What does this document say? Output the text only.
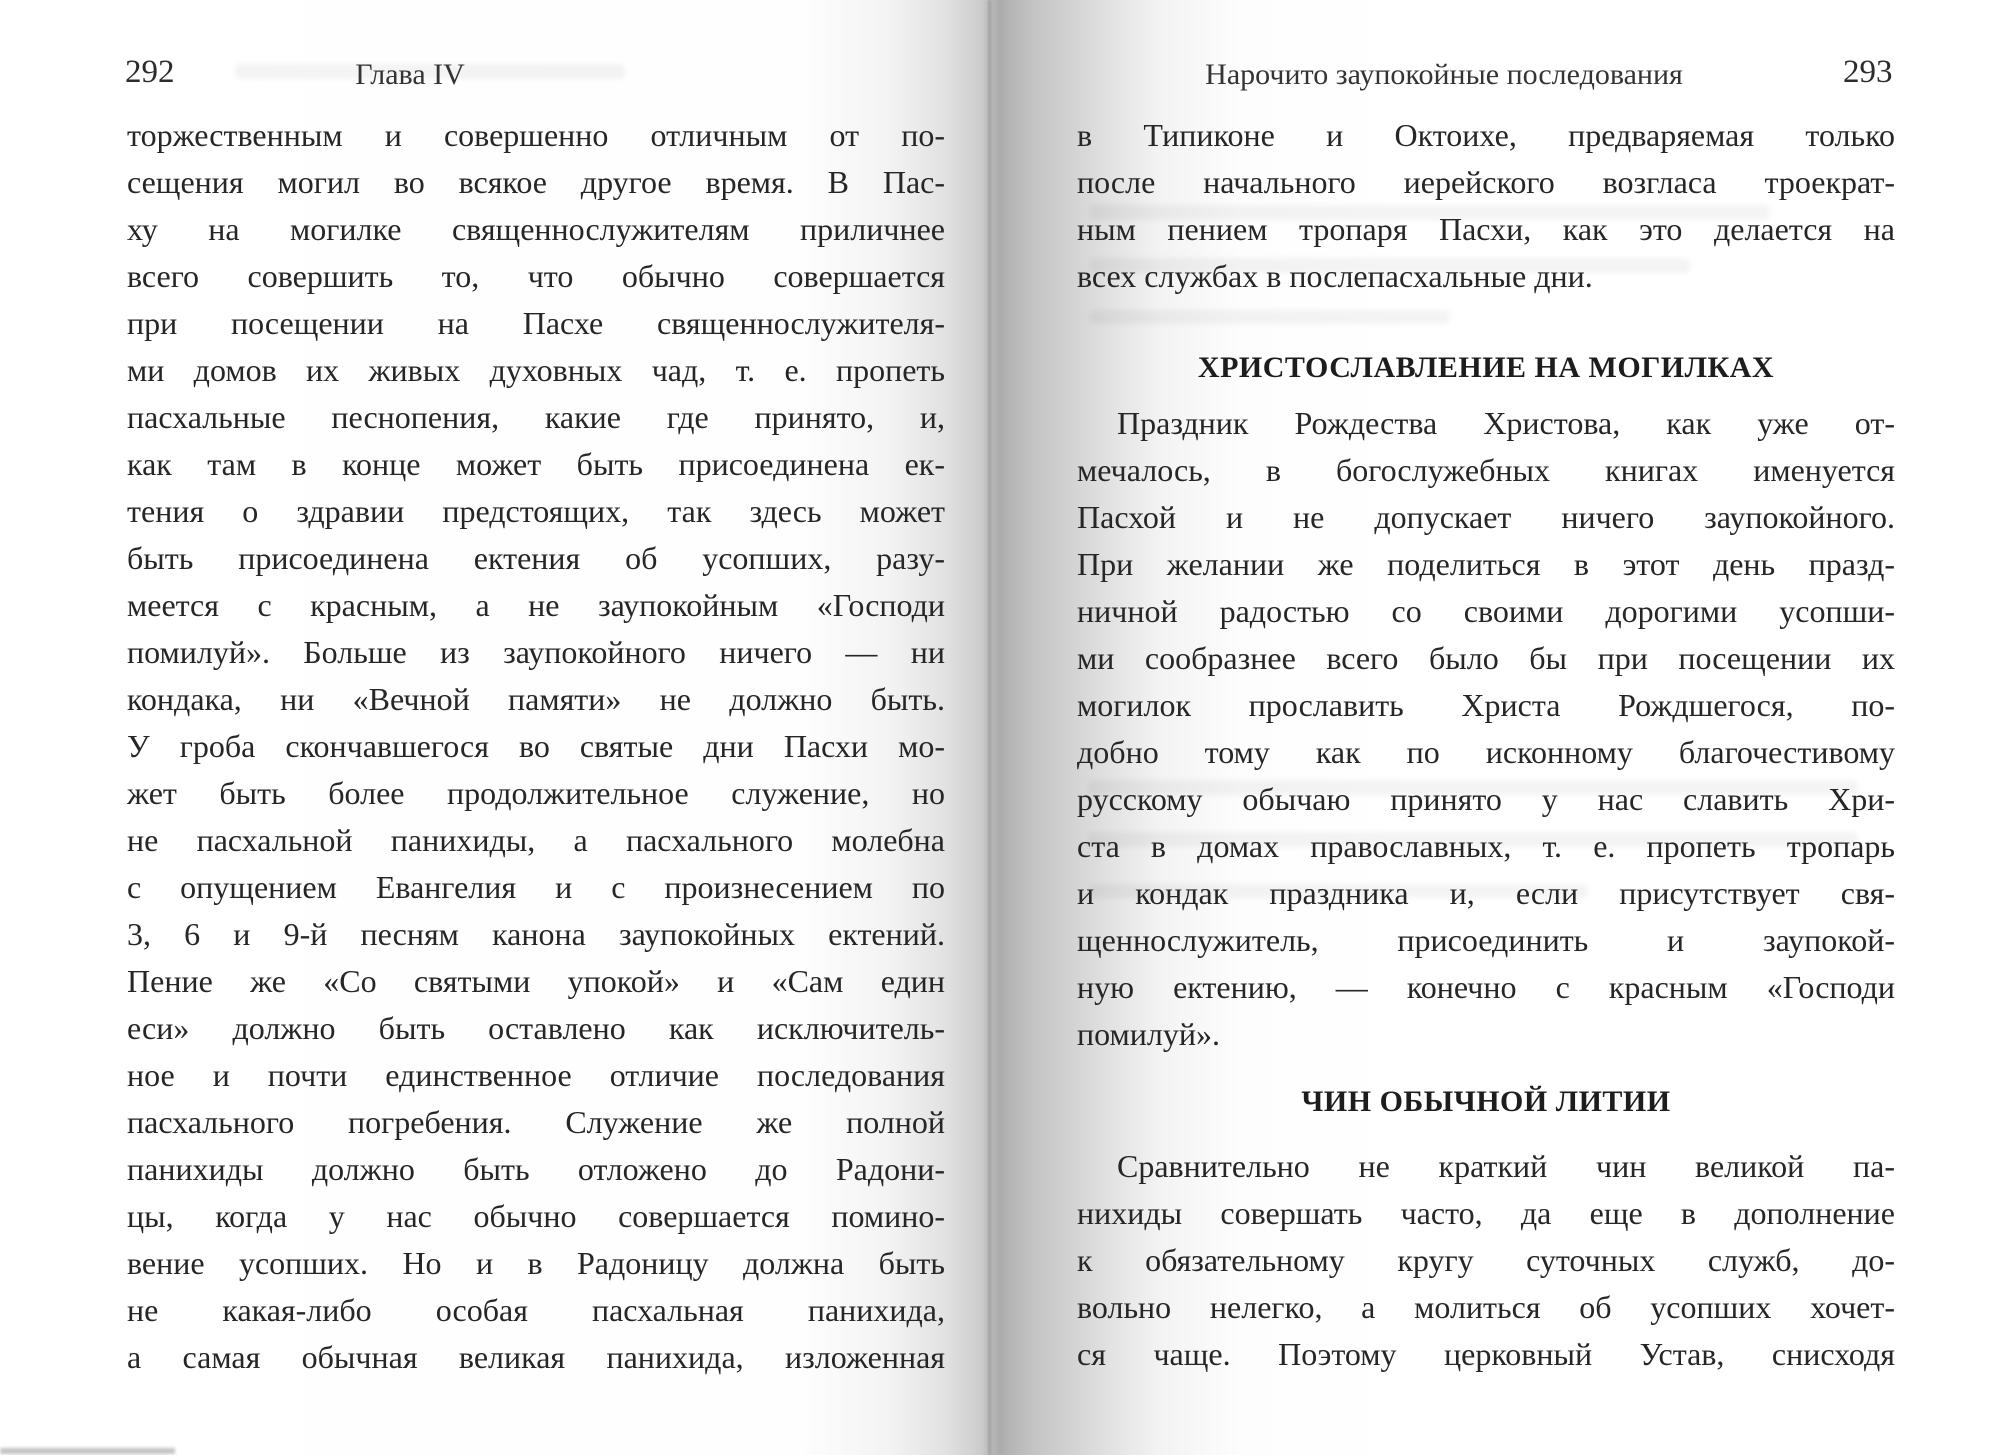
292	Глава IV
торжественным и совершенно отличным от по-
сещения могил во всякое другое время. В Пас-
ху на могилке священнослужителям приличнее
всего совершить то, что обычно совершается
при посещении на Пасхе священнослужителя-
ми домов их живых духовных чад, т. е. пропеть
пасхальные песнопения, какие где принято, и,
как там в конце может быть присоединена ек-
тения о здравии предстоящих, так здесь может
быть присоединена ектения об усопших, разу-
меется с красным, а не заупокойным «Господи
помилуй». Больше из заупокойного ничего — ни
кондака, ни «Вечной памяти» не должно быть.
У гроба скончавшегося во святые дни Пасхи мо-
жет быть более продолжительное служение, но
не пасхальной панихиды, а пасхального молебна
с опущением Евангелия и с произнесением по
3, 6 и 9-й песням канона заупокойных ектений.
Пение же «Со святыми упокой» и «Сам един
еси» должно быть оставлено как исключитель-
ное и почти единственное отличие последования
пасхального погребения. Служение же полной
панихиды должно быть отложено до Радони-
цы, когда у нас обычно совершается помино-
вение усопших. Но и в Радоницу должна быть
не какая-либо особая пасхальная панихида,
а самая обычная великая панихида, изложенная
Нарочито заупокойные последования	293
в Типиконе и Октоихе, предваряемая только
после начального иерейского возгласа троекрат-
ным пением тропаря Пасхи, как это делается на
всех службах в послепасхальные дни.
ХРИСТОСЛАВЛЕНИЕ НА МОГИЛКАХ
Праздник Рождества Христова, как уже от-
мечалось, в богослужебных книгах именуется
Пасхой и не допускает ничего заупокойного.
При желании же поделиться в этот день празд-
ничной радостью со своими дорогими усопши-
ми сообразнее всего было бы при посещении их
могилок прославить Христа Рождшегося, по-
добно тому как по исконному благочестивому
русскому обычаю принято у нас славить Хри-
ста в домах православных, т. е. пропеть тропарь
и кондак праздника и, если присутствует свя-
щеннослужитель, присоединить и заупокой-
ную ектению, — конечно с красным «Господи
помилуй».
ЧИН ОБЫЧНОЙ ЛИТИИ
Сравнительно не краткий чин великой па-
нихиды совершать часто, да еще в дополнение
к обязательному кругу суточных служб, до-
вольно нелегко, а молиться об усопших хочет-
ся чаще. Поэтому церковный Устав, снисходя
